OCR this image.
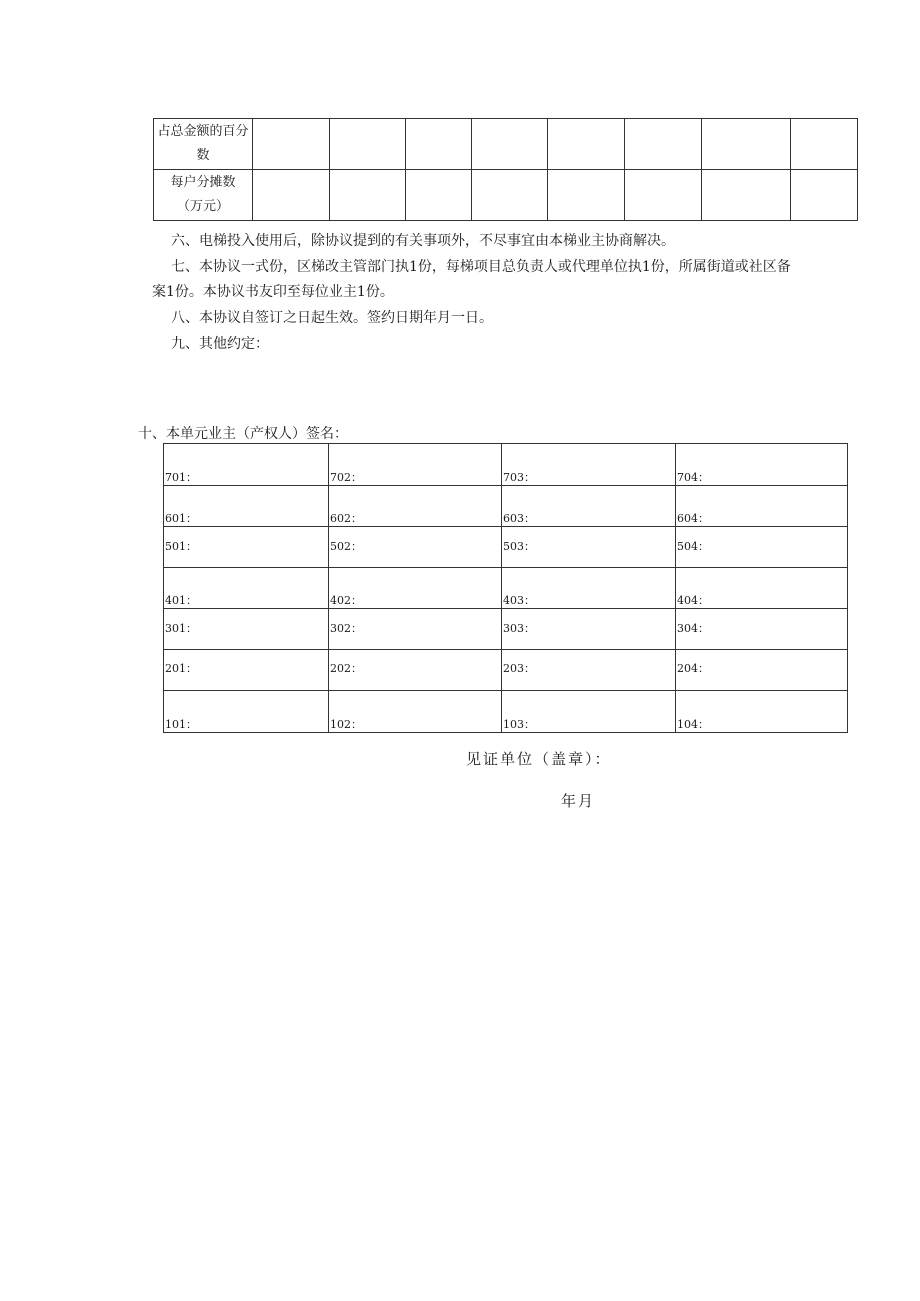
占总金额的百分
数								

每户分摊数
（万元）								

六、电梯投入使用后，除协议提到的有关事项外，不尽事宜由本梯业主协商解决。
七、本协议一式份，区梯改主管部门执1份，每梯项目总负责人或代理单位执1份，所属街道或社区备
案1份。本协议书友印至每位业主1份。
八、本协议自签订之日起生效。签约日期年月一日。
九、其他约定：
十、本单元业主（产权人）签名：
701：	702：	703：	704：

601：	602：	603：	604：

501：	502：	503：	504：

401：	402：	403：	404：

301：	302：	303：	304：

201：	202：	203：	204：

101：	102：	103：	104：
见证单位（盖章）：
年月
